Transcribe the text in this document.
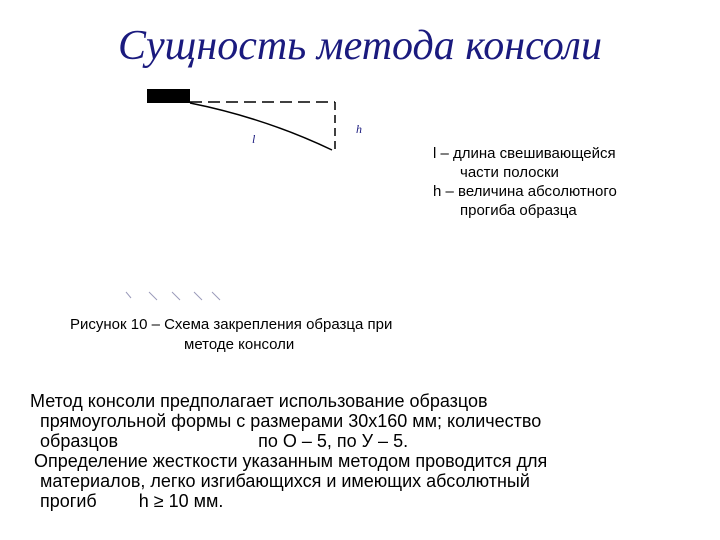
Сущность метода консоли
l
h
l – длина свешивающейся
части полоски
h – величина абсолютного
прогиба образца
Рисунок 10 – Схема закрепления образца при
методе консоли
Метод консоли предполагает использование образцов
прямоугольной формы с размерами 30х160 мм; количество
образцов	по О – 5, по У – 5.
Определение жесткости указанным методом проводится для
материалов, легко изгибающихся и имеющих абсолютный
прогиб h ≥ 10 мм.
